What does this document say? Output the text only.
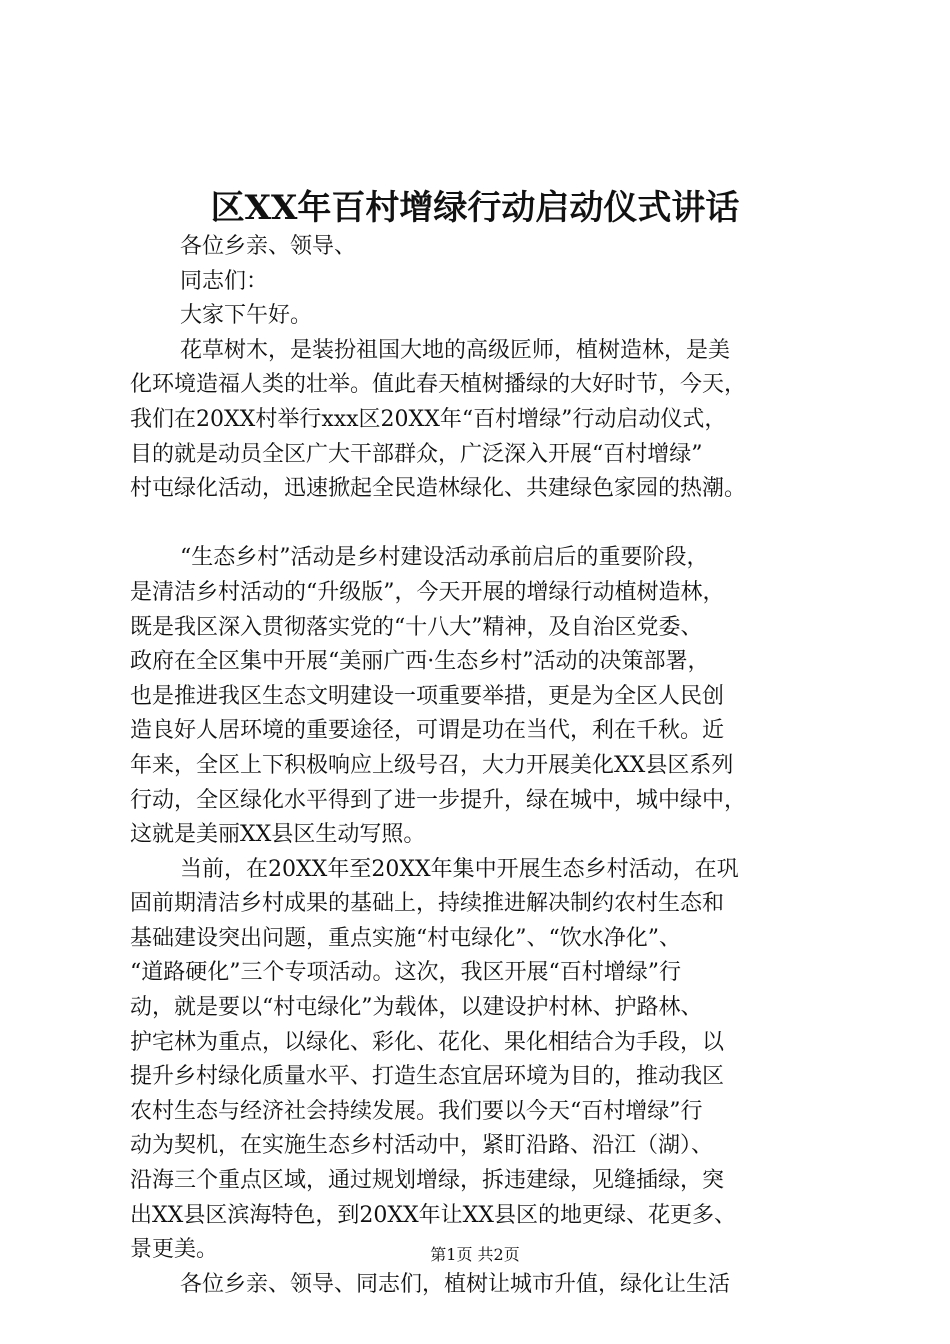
区XX年百村增绿行动启动仪式讲话
各位乡亲、领导、
同志们：
大家下午好。
花草树木，是装扮祖国大地的高级匠师，植树造林，是美
化环境造福人类的壮举。值此春天植树播绿的大好时节，今天，
我们在20XX村举行xxx区20XX年“百村增绿”行动启动仪式，
目的就是动员全区广大干部群众，广泛深入开展“百村增绿”
村屯绿化活动，迅速掀起全民造林绿化、共建绿色家园的热潮。
“生态乡村”活动是乡村建设活动承前启后的重要阶段，
是清洁乡村活动的“升级版”，今天开展的增绿行动植树造林，
既是我区深入贯彻落实党的“十八大”精神，及自治区党委、
政府在全区集中开展“美丽广西·生态乡村”活动的决策部署，
也是推进我区生态文明建设一项重要举措，更是为全区人民创
造良好人居环境的重要途径，可谓是功在当代，利在千秋。近
年来，全区上下积极响应上级号召，大力开展美化XX县区系列
行动，全区绿化水平得到了进一步提升，绿在城中，城中绿中，
这就是美丽XX县区生动写照。
当前，在20XX年至20XX年集中开展生态乡村活动，在巩
固前期清洁乡村成果的基础上，持续推进解决制约农村生态和
基础建设突出问题，重点实施“村屯绿化”、“饮水净化”、
“道路硬化”三个专项活动。这次，我区开展“百村增绿”行
动，就是要以“村屯绿化”为载体，以建设护村林、护路林、
护宅林为重点，以绿化、彩化、花化、果化相结合为手段，以
提升乡村绿化质量水平、打造生态宜居环境为目的，推动我区
农村生态与经济社会持续发展。我们要以今天“百村增绿”行
动为契机，在实施生态乡村活动中，紧盯沿路、沿江（湖）、
沿海三个重点区域，通过规划增绿，拆违建绿，见缝插绿，突
出XX县区滨海特色，到20XX年让XX县区的地更绿、花更多、
景更美。
各位乡亲、领导、同志们，植树让城市升值，绿化让生活
第1页 共2页
